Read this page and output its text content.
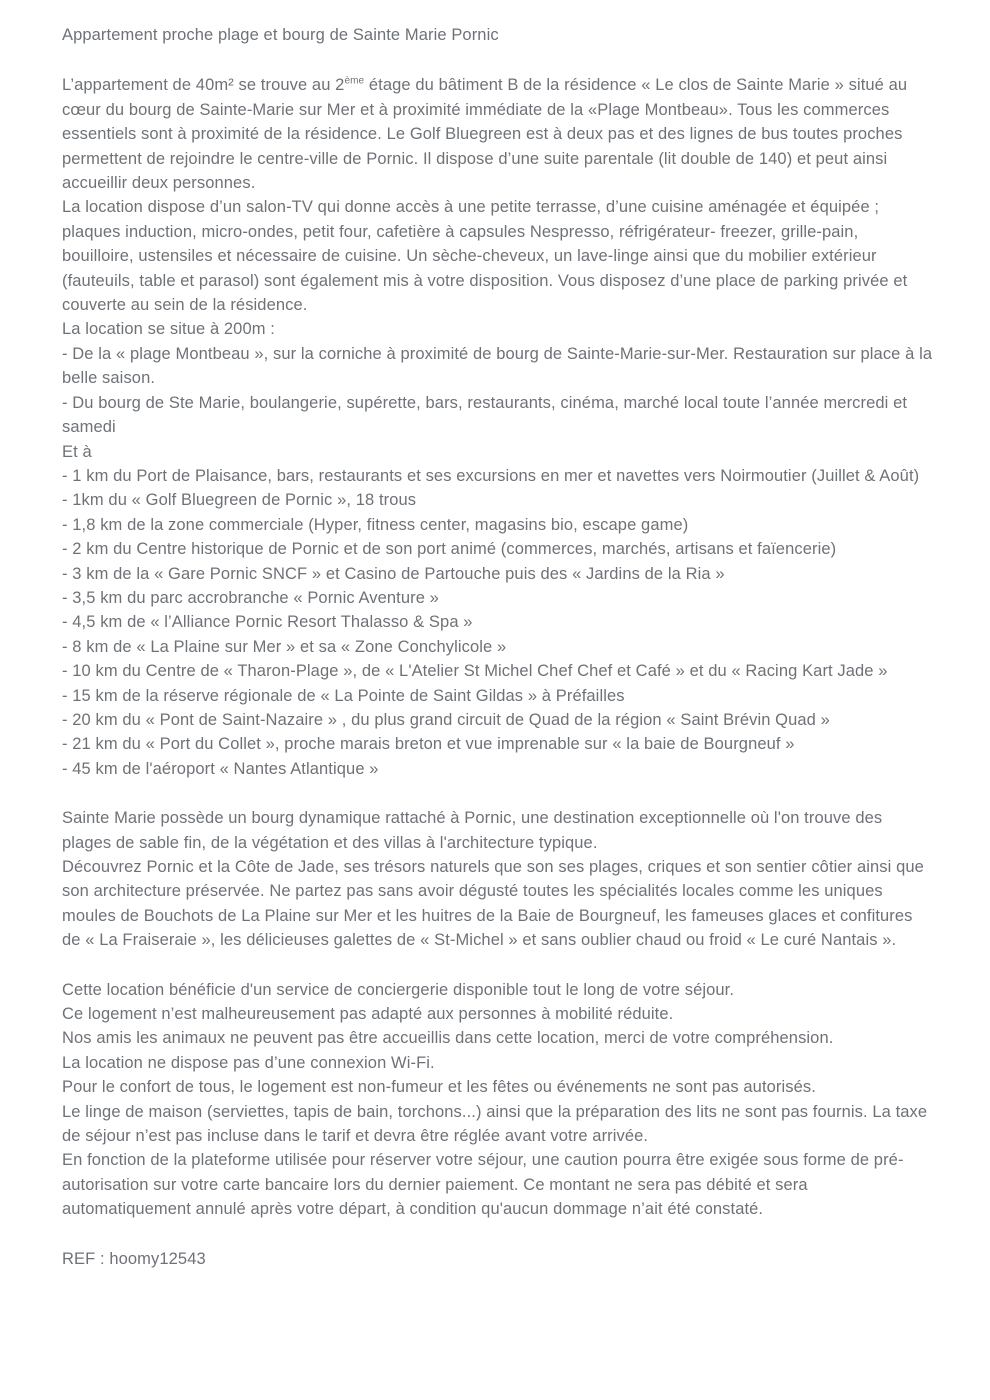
Appartement proche plage et bourg de Sainte Marie Pornic

L’appartement de 40m² se trouve au 2ème étage du bâtiment B de la résidence « Le clos de Sainte Marie » situé au cœur du bourg de Sainte-Marie sur Mer et à proximité immédiate de la «Plage Montbeau». Tous les commerces essentiels sont à proximité de la résidence. Le Golf Bluegreen est à deux pas et des lignes de bus toutes proches permettent de rejoindre le centre-ville de Pornic. Il dispose d’une suite parentale (lit double de 140) et peut ainsi accueillir deux personnes.

La location dispose d’un salon-TV qui donne accès à une petite terrasse, d’une cuisine aménagée et équipée ; plaques induction, micro-ondes, petit four, cafetière à capsules Nespresso, réfrigérateur- freezer, grille-pain, bouilloire, ustensiles et nécessaire de cuisine. Un sèche-cheveux, un lave-linge ainsi que du mobilier extérieur (fauteuils, table et parasol) sont également mis à votre disposition. Vous disposez d’une place de parking privée et couverte au sein de la résidence.

La location se situe à 200m :

- De la « plage Montbeau », sur la corniche à proximité de bourg de Sainte-Marie-sur-Mer. Restauration sur place à la belle saison.

- Du bourg de Ste Marie, boulangerie, supérette, bars, restaurants, cinéma, marché local toute l’année mercredi et samedi

Et à

- 1 km du Port de Plaisance, bars, restaurants et ses excursions en mer et navettes vers Noirmoutier (Juillet & Août)

- 1km du « Golf Bluegreen de Pornic », 18 trous

- 1,8 km de la zone commerciale (Hyper, fitness center, magasins bio, escape game)

- 2 km du Centre historique de Pornic et de son port animé (commerces, marchés, artisans et faïencerie)

- 3 km de la « Gare Pornic SNCF » et Casino de Partouche puis des « Jardins de la Ria »

- 3,5 km du parc accrobranche « Pornic Aventure »

- 4,5 km de « l’Alliance Pornic Resort Thalasso & Spa »

- 8 km de « La Plaine sur Mer » et sa « Zone Conchylicole »

- 10 km du Centre de « Tharon-Plage », de « L'Atelier St Michel Chef Chef et Café » et du « Racing Kart Jade »

- 15 km de la réserve régionale de « La Pointe de Saint Gildas » à Préfailles

- 20 km du « Pont de Saint-Nazaire » , du plus grand circuit de Quad de la région « Saint Brévin Quad »

- 21 km du « Port du Collet », proche marais breton et vue imprenable sur « la baie de Bourgneuf »

- 45 km de l'aéroport « Nantes Atlantique »

Sainte Marie possède un bourg dynamique rattaché à Pornic, une destination exceptionnelle où l'on trouve des plages de sable fin, de la végétation et des villas à l'architecture typique.

Découvrez Pornic et la Côte de Jade, ses trésors naturels que son ses plages, criques et son sentier côtier ainsi que son architecture préservée. Ne partez pas sans avoir dégusté toutes les spécialités locales comme les uniques moules de Bouchots de La Plaine sur Mer et les huitres de la Baie de Bourgneuf, les fameuses glaces et confitures de « La Fraiseraie », les délicieuses galettes de « St-Michel » et sans oublier chaud ou froid « Le curé Nantais ».

Cette location bénéficie d'un service de conciergerie disponible tout le long de votre séjour.

Ce logement n’est malheureusement pas adapté aux personnes à mobilité réduite.

Nos amis les animaux ne peuvent pas être accueillis dans cette location, merci de votre compréhension.

La location ne dispose pas d’une connexion Wi-Fi.

Pour le confort de tous, le logement est non-fumeur et les fêtes ou événements ne sont pas autorisés.

Le linge de maison (serviettes, tapis de bain, torchons...) ainsi que la préparation des lits ne sont pas fournis. La taxe de séjour n’est pas incluse dans le tarif et devra être réglée avant votre arrivée.

En fonction de la plateforme utilisée pour réserver votre séjour, une caution pourra être exigée sous forme de pré-autorisation sur votre carte bancaire lors du dernier paiement. Ce montant ne sera pas débité et sera automatiquement annulé après votre départ, à condition qu'aucun dommage n’ait été constaté.

REF : hoomy12543
